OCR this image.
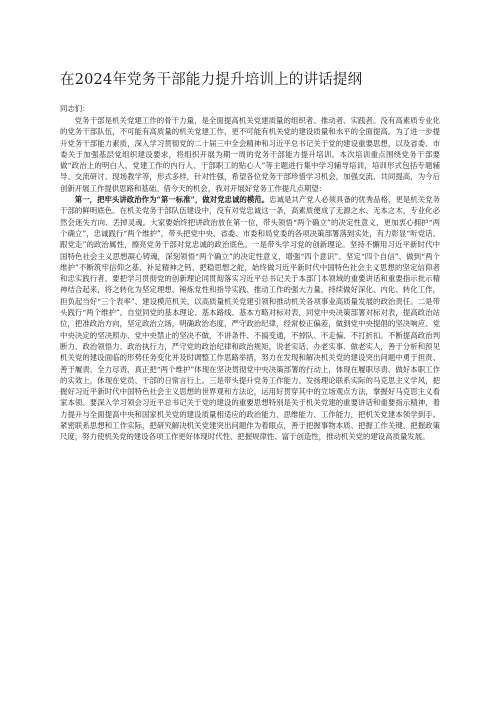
在2024年党务干部能力提升培训上的讲话提纲
同志们：

党务干部是机关党建工作的骨干力量，是全面提高机关党建质量的组织者、推动者、实践者。没有高素质专业化的党务干部队伍，不可能有高质量的机关党建工作，更不可能有机关党的建设质量和水平的全面提高。为了进一步提升党务干部能力素质，深入学习贯彻党的二十届三中全会精神和习近平总书记关于党的建设重要思想，以及省委、市委关于加强基层党组织建设要求，将组织开展为期一周的党务干部能力提升培训。本次培训重点围绕党务干部要做“政治上的明白人、党建工作的内行人、干部职工的贴心人”等主题进行集中学习辅导培训，培训形式包括专题辅导、交流研讨、现场教学等，形式多样，针对性强，希望各位党务干部珍惜学习机会，加强交流、共同提高，为今后创新开展工作提供思路和基础。借今天的机会，我对开展好党务工作提几点期望：

第一，把牢头讲政治作为“第一标准”，做对党忠诚的模范。忠诚是共产党人必须具备的优秀品格，更是机关党务干部的鲜明底色。在机关党务干部队伍建设中，没有对党忠诚这一条，高素质便成了无源之水、无本之木，专业化必然会迷失方向、丢掉灵魂。大家要始终把讲政治放在第一位，带头领悟“两个确立”的决定性意义，更加衷心拥护“两个确立”，忠诚践行“两个维护”，带头把党中央、省委、市委和局党委的各项决策部署落到实处，有力彰显“听党话、跟党走”的政治属性，擦亮党务干部对党忠诚的政治底色。一是带头学习党的创新理论。坚持不懈用习近平新时代中国特色社会主义思想凝心铸魂，深刻领悟“两个确立”的决定性意义，增强“四个意识”、坚定“四个自信”、做到“两个维护”不断筑牢信仰之基、补足精神之钙、把稳思想之舵，始终做习近平新时代中国特色社会主义思想的坚定信仰者和忠实践行者。要把学习贯彻党的创新理论同贯彻落实习近平总书记关于本部门本领域的重要讲话和重要指示批示精神结合起来，将之转化为坚定理想、锤炼党性和指导实践、推动工作的强大力量，持续做好深化、内化、转化工作，担负起当好“三个表率”、建设模范机关，以高质量机关党建引领和推动机关各项事业高质量发展的政治责任。二是带头践行“两个维护”。自觉同党的基本理论、基本路线、基本方略对标对表，同党中央决策部署对标对表，提高政治站位，把准政治方向，坚定政治立场，明确政治态度，严守政治纪律，经常校正偏差，做到党中央提倡的坚决响应、党中央决定的坚决照办、党中央禁止的坚决不做，不讲条件、不搞变通，不掉队、不走偏、不打折扣。不断提高政治判断力、政治领悟力、政治执行力，严守党的政治纪律和政治规矩，说老实话、办老实事、做老实人，善于分析和预见机关党的建设面临的形势任务变化并及时调整工作思路举措，努力在发现和解决机关党的建设突出问题中勇于担责、善于履责、全力尽责，真正把“两个维护”体现在坚决贯彻党中央决策部署的行动上，体现在履职尽责、做好本职工作的实效上，体现在党员、干部的日常言行上。三是带头提升党务工作能力。发扬理论联系实际的马克思主义学风，把握好习近平新时代中国特色社会主义思想的世界观和方法论，运用好贯穿其中的立场观点方法，掌握好马克思主义看家本领。要深入学习领会习近平总书记关于党的建设的重要思想特别是关于机关党建的重要讲话和重要指示精神，着力提升与全面提高中央和国家机关党的建设质量相适应的政治能力、思维能力、工作能力，把机关党建本领学到手。紧密联系思想和工作实际，把研究解决机关党建突出问题作为着眼点，善于把握事物本质、把握工作关键、把握政策尺度，努力使机关党的建设各项工作更好体现时代性、把握规律性、富于创造性，推动机关党的建设高质量发展。
